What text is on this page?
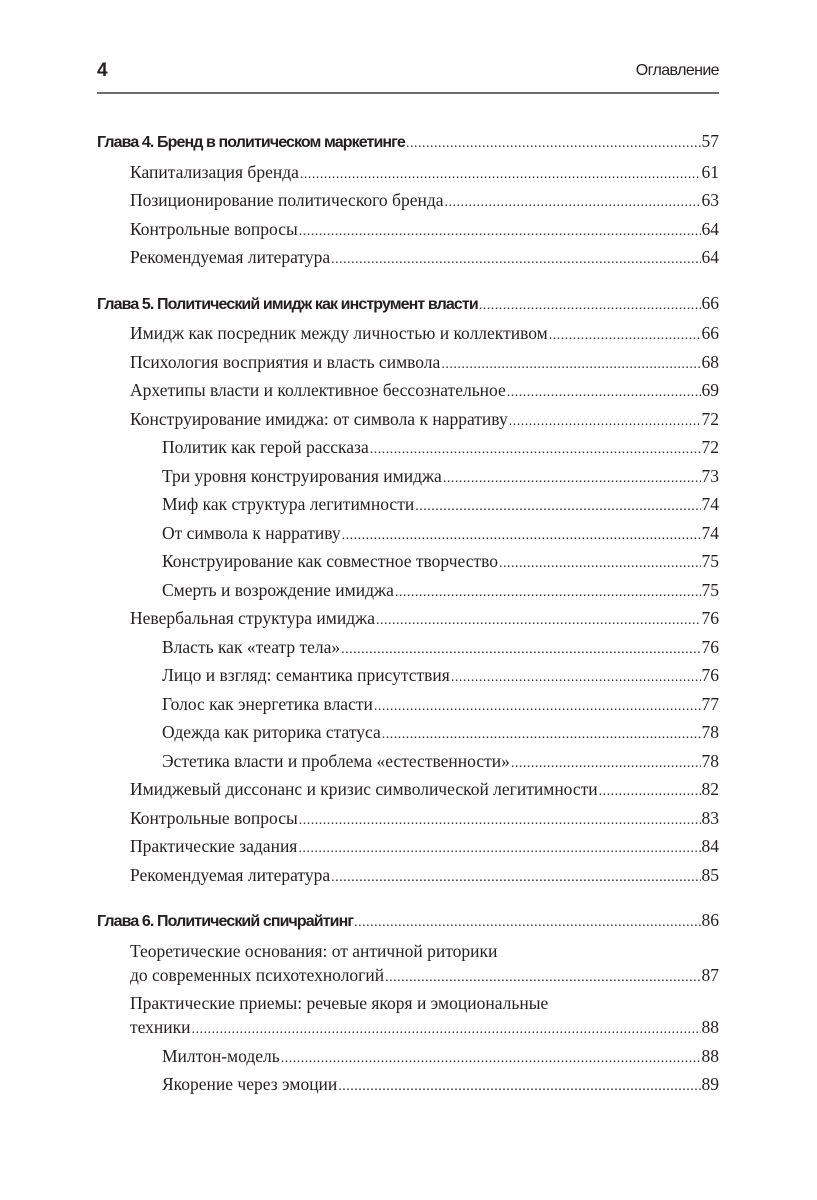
4	Оглавление
Глава 4. Бренд в политическом маркетинге .....	57
Капитализация бренда .....	61
Позиционирование политического бренда .....	63
Контрольные вопросы .....	64
Рекомендуемая литература .....	64
Глава 5. Политический имидж как инструмент власти .....	66
Имидж как посредник между личностью и коллективом .....	66
Психология восприятия и власть символа .....	68
Архетипы власти и коллективное бессознательное .....	69
Конструирование имиджа: от символа к нарративу .....	72
Политик как герой рассказа .....	72
Три уровня конструирования имиджа .....	73
Миф как структура легитимности .....	74
От символа к нарративу .....	74
Конструирование как совместное творчество .....	75
Смерть и возрождение имиджа .....	75
Невербальная структура имиджа .....	76
Власть как «театр тела» .....	76
Лицо и взгляд: семантика присутствия .....	76
Голос как энергетика власти .....	77
Одежда как риторика статуса .....	78
Эстетика власти и проблема «естественности» .....	78
Имиджевый диссонанс и кризис символической легитимности .....	82
Контрольные вопросы .....	83
Практические задания .....	84
Рекомендуемая литература .....	85
Глава 6. Политический спичрайтинг .....	86
Теоретические основания: от античной риторики
до современных психотехнологий .....	87
Практические приемы: речевые якоря и эмоциональные
техники .....	88
Милтон-модель .....	88
Якорение через эмоции .....	89
